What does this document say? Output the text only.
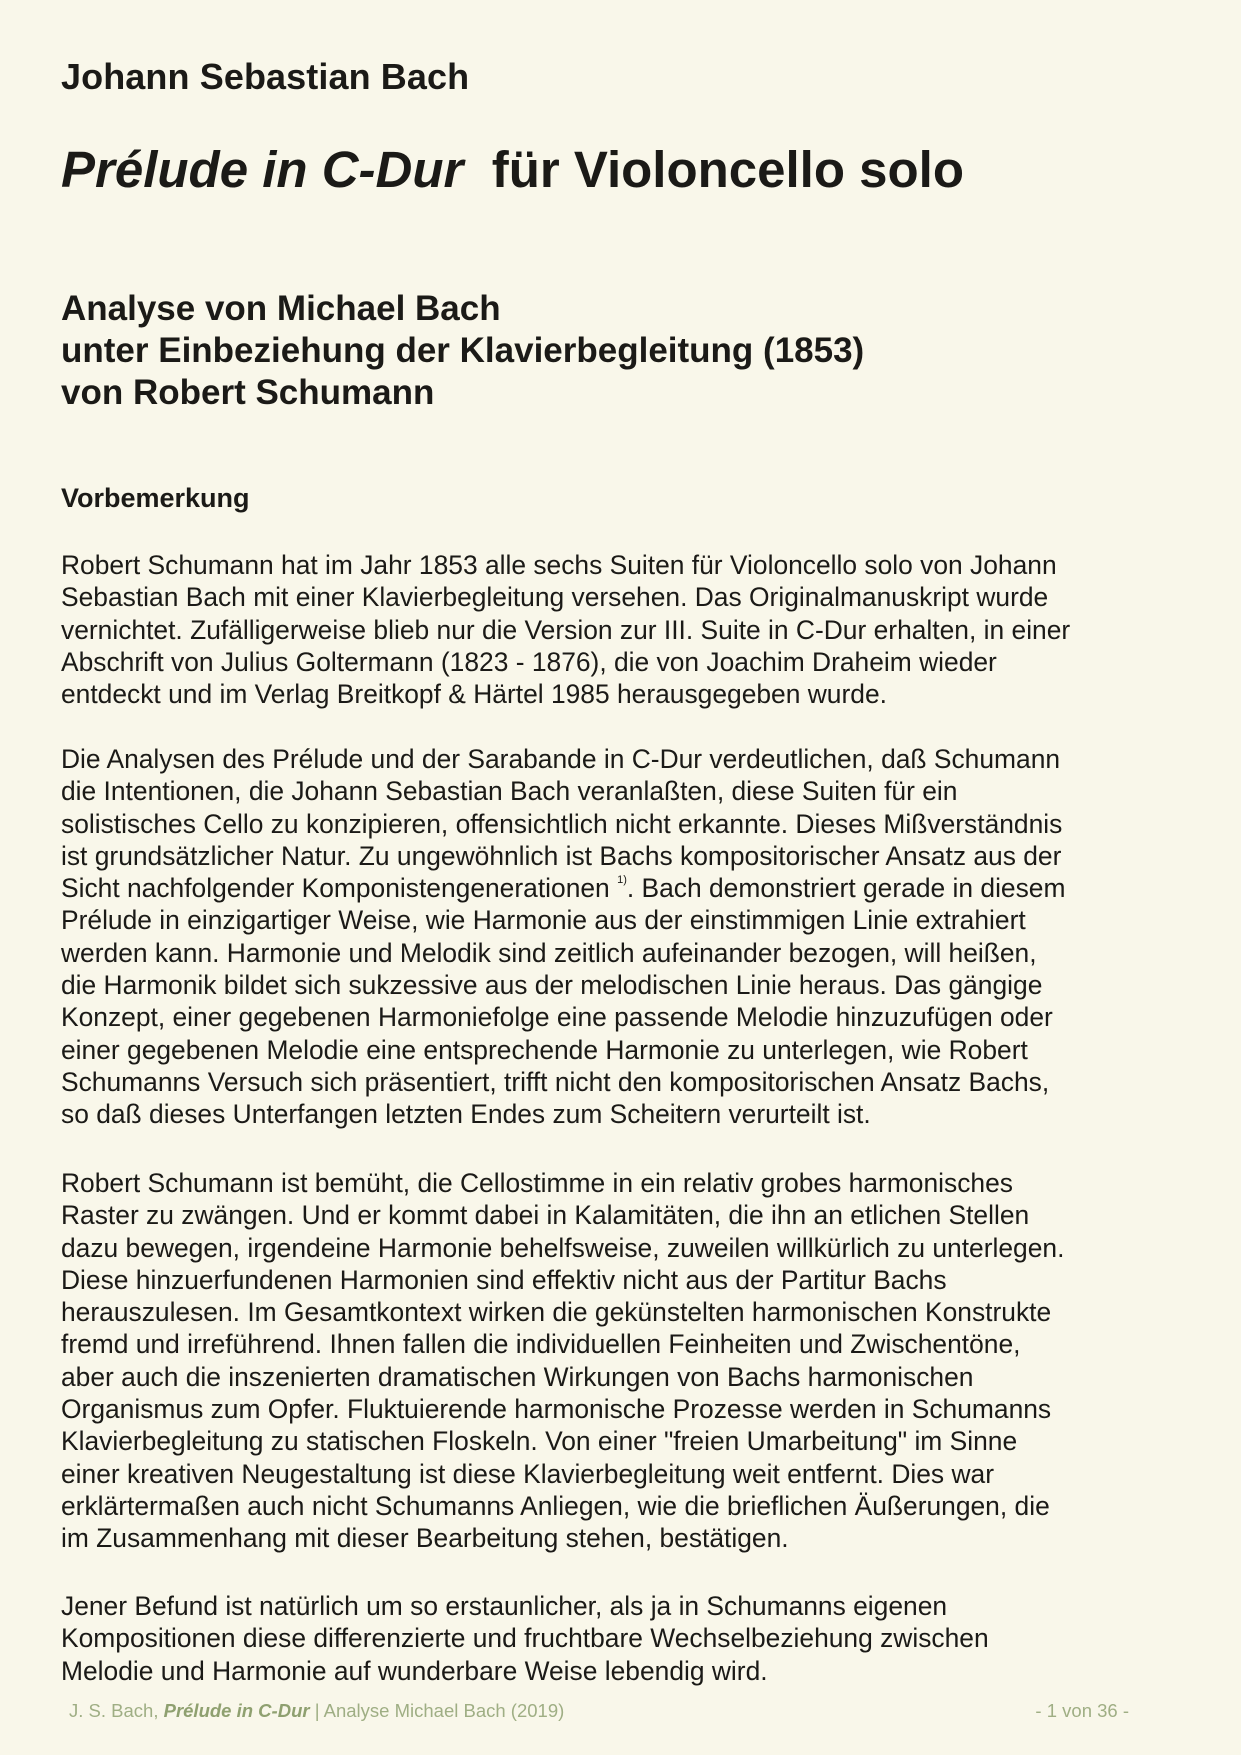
Johann Sebastian Bach
Prélude in C-Dur für Violoncello solo
Analyse von Michael Bach
unter Einbeziehung der Klavierbegleitung (1853)
von Robert Schumann
Vorbemerkung
Robert Schumann hat im Jahr 1853 alle sechs Suiten für Violoncello solo von Johann
Sebastian Bach mit einer Klavierbegleitung versehen. Das Originalmanuskript wurde
vernichtet. Zufälligerweise blieb nur die Version zur III. Suite in C-Dur erhalten, in einer
Abschrift von Julius Goltermann (1823 - 1876), die von Joachim Draheim wieder
entdeckt und im Verlag Breitkopf & Härtel 1985 herausgegeben wurde.
Die Analysen des Prélude und der Sarabande in C-Dur verdeutlichen, daß Schumann
die Intentionen, die Johann Sebastian Bach veranlaßten, diese Suiten für ein
solistisches Cello zu konzipieren, offensichtlich nicht erkannte. Dieses Mißverständnis
ist grundsätzlicher Natur. Zu ungewöhnlich ist Bachs kompositorischer Ansatz aus der
Sicht nachfolgender Komponistengenerationen $^{1)}$. Bach demonstriert gerade in diesem
Prélude in einzigartiger Weise, wie Harmonie aus der einstimmigen Linie extrahiert
werden kann. Harmonie und Melodik sind zeitlich aufeinander bezogen, will heißen,
die Harmonik bildet sich sukzessive aus der melodischen Linie heraus. Das gängige
Konzept, einer gegebenen Harmoniefolge eine passende Melodie hinzuzufügen oder
einer gegebenen Melodie eine entsprechende Harmonie zu unterlegen, wie Robert
Schumanns Versuch sich präsentiert, trifft nicht den kompositorischen Ansatz Bachs,
so daß dieses Unterfangen letzten Endes zum Scheitern verurteilt ist.
Robert Schumann ist bemüht, die Cellostimme in ein relativ grobes harmonisches
Raster zu zwängen. Und er kommt dabei in Kalamitäten, die ihn an etlichen Stellen
dazu bewegen, irgendeine Harmonie behelfsweise, zuweilen willkürlich zu unterlegen.
Diese hinzuerfundenen Harmonien sind effektiv nicht aus der Partitur Bachs
herauszulesen. Im Gesamtkontext wirken die gekünstelten harmonischen Konstrukte
fremd und irreführend. Ihnen fallen die individuellen Feinheiten und Zwischentöne,
aber auch die inszenierten dramatischen Wirkungen von Bachs harmonischen
Organismus zum Opfer. Fluktuierende harmonische Prozesse werden in Schumanns
Klavierbegleitung zu statischen Floskeln. Von einer "freien Umarbeitung" im Sinne
einer kreativen Neugestaltung ist diese Klavierbegleitung weit entfernt. Dies war
erklärtermaßen auch nicht Schumanns Anliegen, wie die brieflichen Äußerungen, die
im Zusammenhang mit dieser Bearbeitung stehen, bestätigen.
Jener Befund ist natürlich um so erstaunlicher, als ja in Schumanns eigenen
Kompositionen diese differenzierte und fruchtbare Wechselbeziehung zwischen
Melodie und Harmonie auf wunderbare Weise lebendig wird.
J. S. Bach, Prélude in C-Dur | Analyse Michael Bach (2019)	- 1 von 36 -
